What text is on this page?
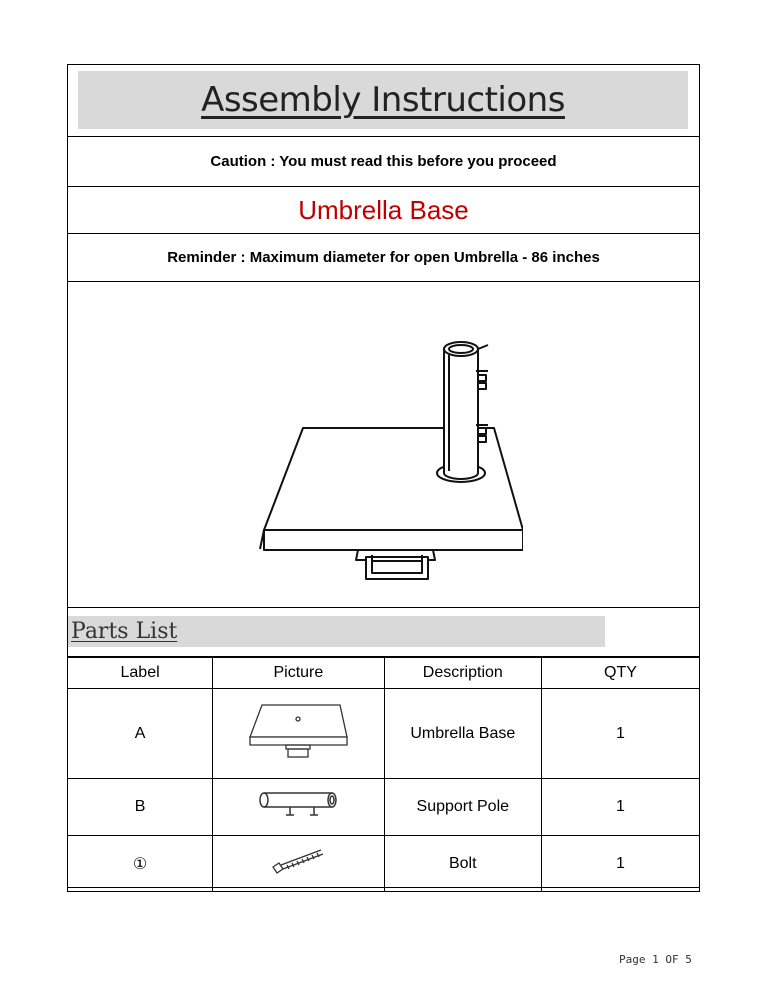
Assembly Instructions
Caution : You must read this before you proceed
Umbrella Base
Reminder : Maximum diameter for open Umbrella - 86 inches
Parts List
Label	Picture	Description	QTY
A		Umbrella Base	1
B		Support Pole	1
①		Bolt	1
Page 1 OF 5
